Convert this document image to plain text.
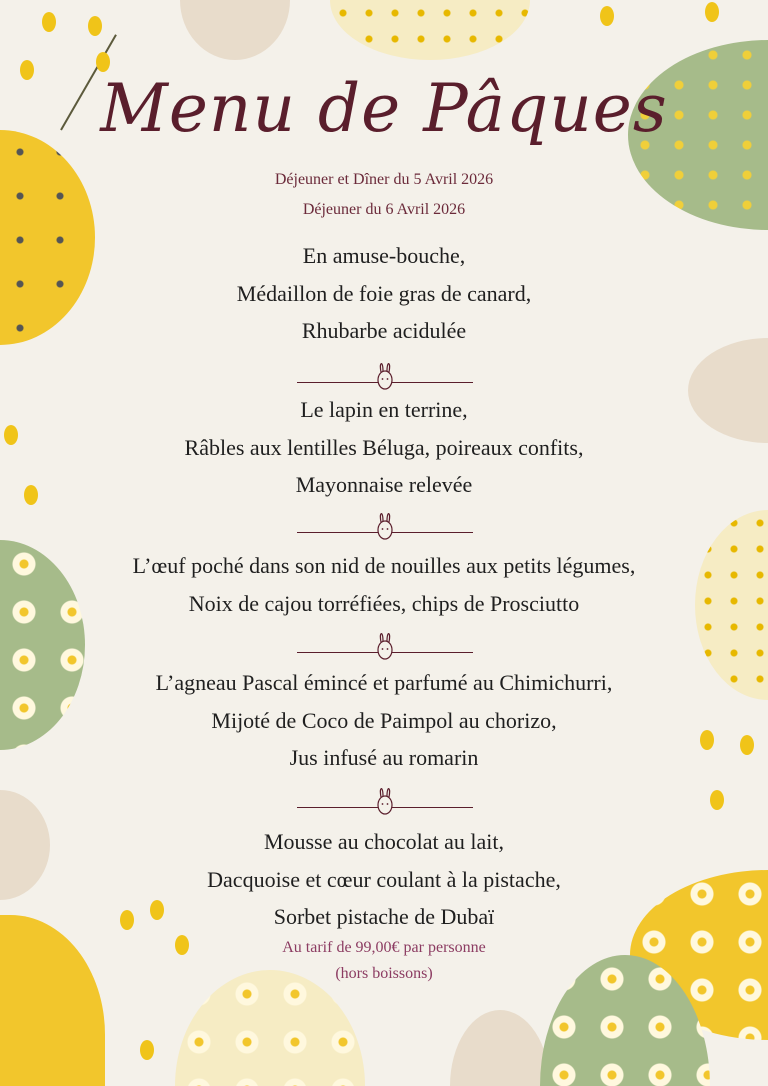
Menu de Pâques
Déjeuner et Dîner du 5 Avril 2026
Déjeuner du 6 Avril 2026
En amuse-bouche,
Médaillon de foie gras de canard,
Rhubarbe acidulée
Le lapin en terrine,
Râbles aux lentilles Béluga, poireaux confits,
Mayonnaise relevée
L’œuf poché dans son nid de nouilles aux petits légumes,
Noix de cajou torréfiées, chips de Prosciutto
L’agneau Pascal émincé et parfumé au Chimichurri,
Mijoté de Coco de Paimpol au chorizo,
Jus infusé au romarin
Mousse au chocolat au lait,
Dacquoise et cœur coulant à la pistache,
Sorbet pistache de Dubaï
Au tarif de 99,00€ par personne
(hors boissons)
